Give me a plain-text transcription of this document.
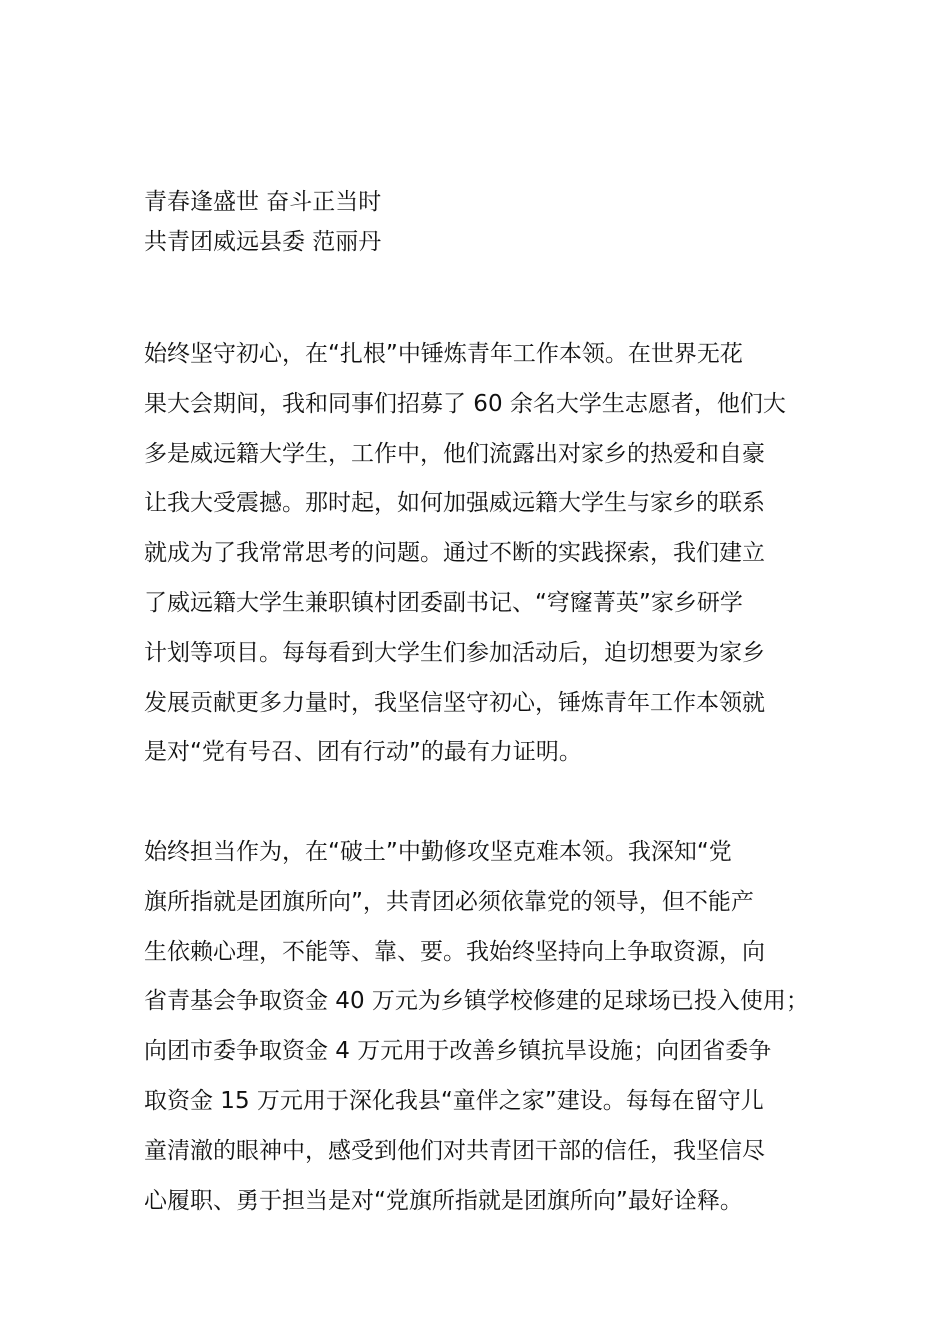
青春逢盛世 奋斗正当时
共青团威远县委 范丽丹
始终坚守初心，在“扎根”中锤炼青年工作本领。在世界无花
果大会期间，我和同事们招募了 60 余名大学生志愿者，他们大
多是威远籍大学生，工作中，他们流露出对家乡的热爱和自豪
让我大受震撼。那时起，如何加强威远籍大学生与家乡的联系
就成为了我常常思考的问题。通过不断的实践探索，我们建立
了威远籍大学生兼职镇村团委副书记、“穹窿菁英”家乡研学
计划等项目。每每看到大学生们参加活动后，迫切想要为家乡
发展贡献更多力量时，我坚信坚守初心，锤炼青年工作本领就
是对“党有号召、团有行动”的最有力证明。
始终担当作为，在“破土”中勤修攻坚克难本领。我深知“党
旗所指就是团旗所向”，共青团必须依靠党的领导，但不能产
生依赖心理，不能等、靠、要。我始终坚持向上争取资源，向
省青基会争取资金 40 万元为乡镇学校修建的足球场已投入使用；
向团市委争取资金 4 万元用于改善乡镇抗旱设施；向团省委争
取资金 15 万元用于深化我县“童伴之家”建设。每每在留守儿
童清澈的眼神中，感受到他们对共青团干部的信任，我坚信尽
心履职、勇于担当是对“党旗所指就是团旗所向”最好诠释。
